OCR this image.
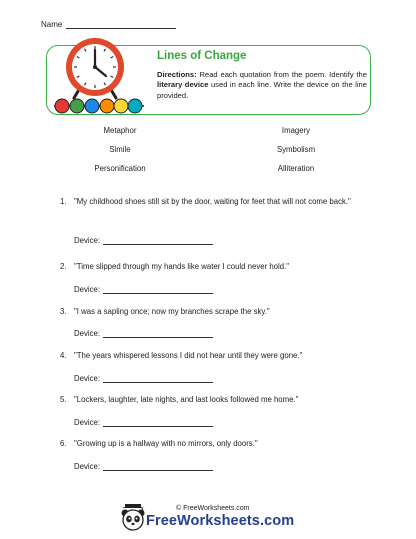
Name
Lines of Change
Directions: Read each quotation from the poem. Identify the literary device used in each line. Write the device on the line provided.
Metaphor	Imagery
Simile	Symbolism
Personification	Alliteration
1. "My childhood shoes still sit by the door, waiting for feet that will not come back."
Device:
2. "Time slipped through my hands like water I could never hold."
Device:
3. "I was a sapling once; now my branches scrape the sky."
Device:
4. "The years whispered lessons I did not hear until they were gone."
Device:
5. "Lockers, laughter, late nights, and last looks followed me home."
Device:
6. "Growing up is a hallway with no mirrors, only doors."
Device:
© FreeWorksheets.com
FreeWorksheets.com
